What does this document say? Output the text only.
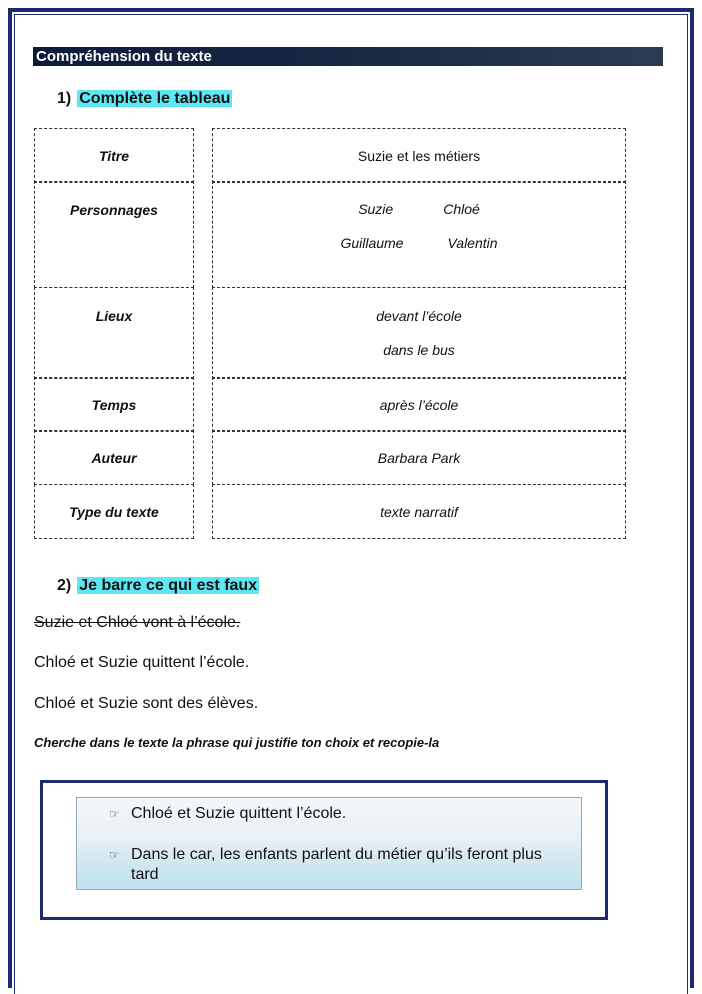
Compréhension du texte
1) Complète le tableau
Titre
Personnages
Lieux
Temps
Auteur
Type du texte
Suzie et les métiers
Suzie	Chloé
Guillaume	Valentin
devant l’école
dans le bus
après l’école
Barbara Park
texte narratif
2) Je barre ce qui est faux
Suzie et Chloé vont à l’école.
Chloé et Suzie quittent l’école.
Chloé et Suzie sont des élèves.
Cherche dans le texte la phrase qui justifie ton choix et recopie-la
☞ Chloé et Suzie quittent l’école.
☞ Dans le car, les enfants parlent du métier qu’ils feront plus tard
